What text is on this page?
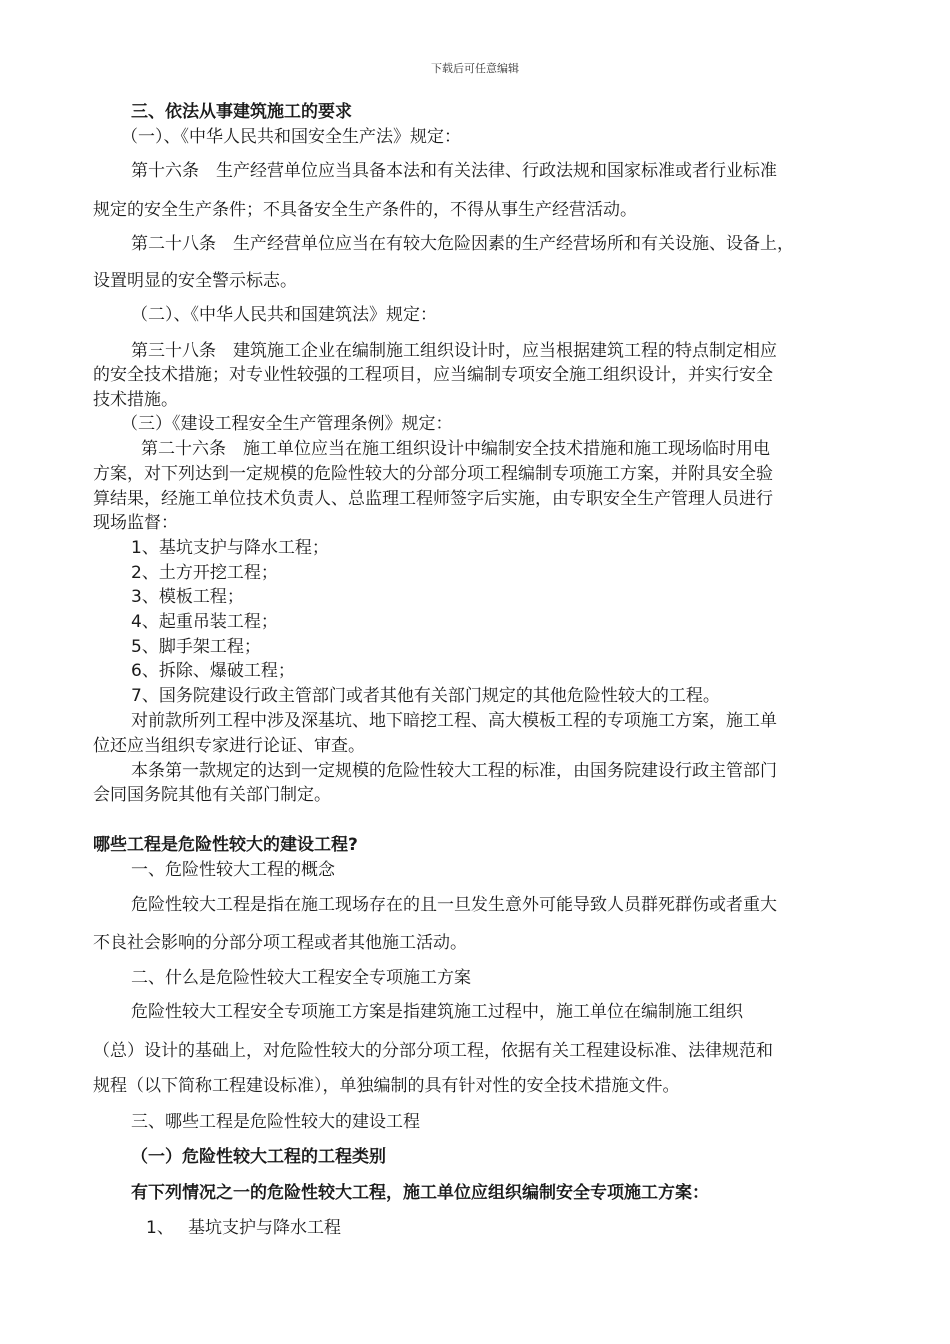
下载后可任意编辑

三、依法从事建筑施工的要求

（一）、《中华人民共和国安全生产法》规定：

第十六条　生产经营单位应当具备本法和有关法律、行政法规和国家标准或者行业标准

规定的安全生产条件；不具备安全生产条件的，不得从事生产经营活动。

第二十八条　生产经营单位应当在有较大危险因素的生产经营场所和有关设施、设备上，

设置明显的安全警示标志。

（二）、《中华人民共和国建筑法》规定：

第三十八条　建筑施工企业在编制施工组织设计时，应当根据建筑工程的特点制定相应

的安全技术措施；对专业性较强的工程项目，应当编制专项安全施工组织设计，并实行安全

技术措施。

（三）《建设工程安全生产管理条例》规定：

第二十六条　施工单位应当在施工组织设计中编制安全技术措施和施工现场临时用电

方案，对下列达到一定规模的危险性较大的分部分项工程编制专项施工方案，并附具安全验

算结果，经施工单位技术负责人、总监理工程师签字后实施，由专职安全生产管理人员进行

现场监督：

1、基坑支护与降水工程；

2、土方开挖工程；

3、模板工程；

4、起重吊装工程；

5、脚手架工程；

6、拆除、爆破工程；

7、国务院建设行政主管部门或者其他有关部门规定的其他危险性较大的工程。

对前款所列工程中涉及深基坑、地下暗挖工程、高大模板工程的专项施工方案，施工单

位还应当组织专家进行论证、审查。

本条第一款规定的达到一定规模的危险性较大工程的标准，由国务院建设行政主管部门

会同国务院其他有关部门制定。

哪些工程是危险性较大的建设工程?

一、危险性较大工程的概念

危险性较大工程是指在施工现场存在的且一旦发生意外可能导致人员群死群伤或者重大

不良社会影响的分部分项工程或者其他施工活动。

二、什么是危险性较大工程安全专项施工方案

危险性较大工程安全专项施工方案是指建筑施工过程中，施工单位在编制施工组织

（总）设计的基础上，对危险性较大的分部分项工程，依据有关工程建设标准、法律规范和

规程（以下简称工程建设标准），单独编制的具有针对性的安全技术措施文件。

三、哪些工程是危险性较大的建设工程

（一）危险性较大工程的工程类别

有下列情况之一的危险性较大工程，施工单位应组织编制安全专项施工方案：

1、 基坑支护与降水工程
